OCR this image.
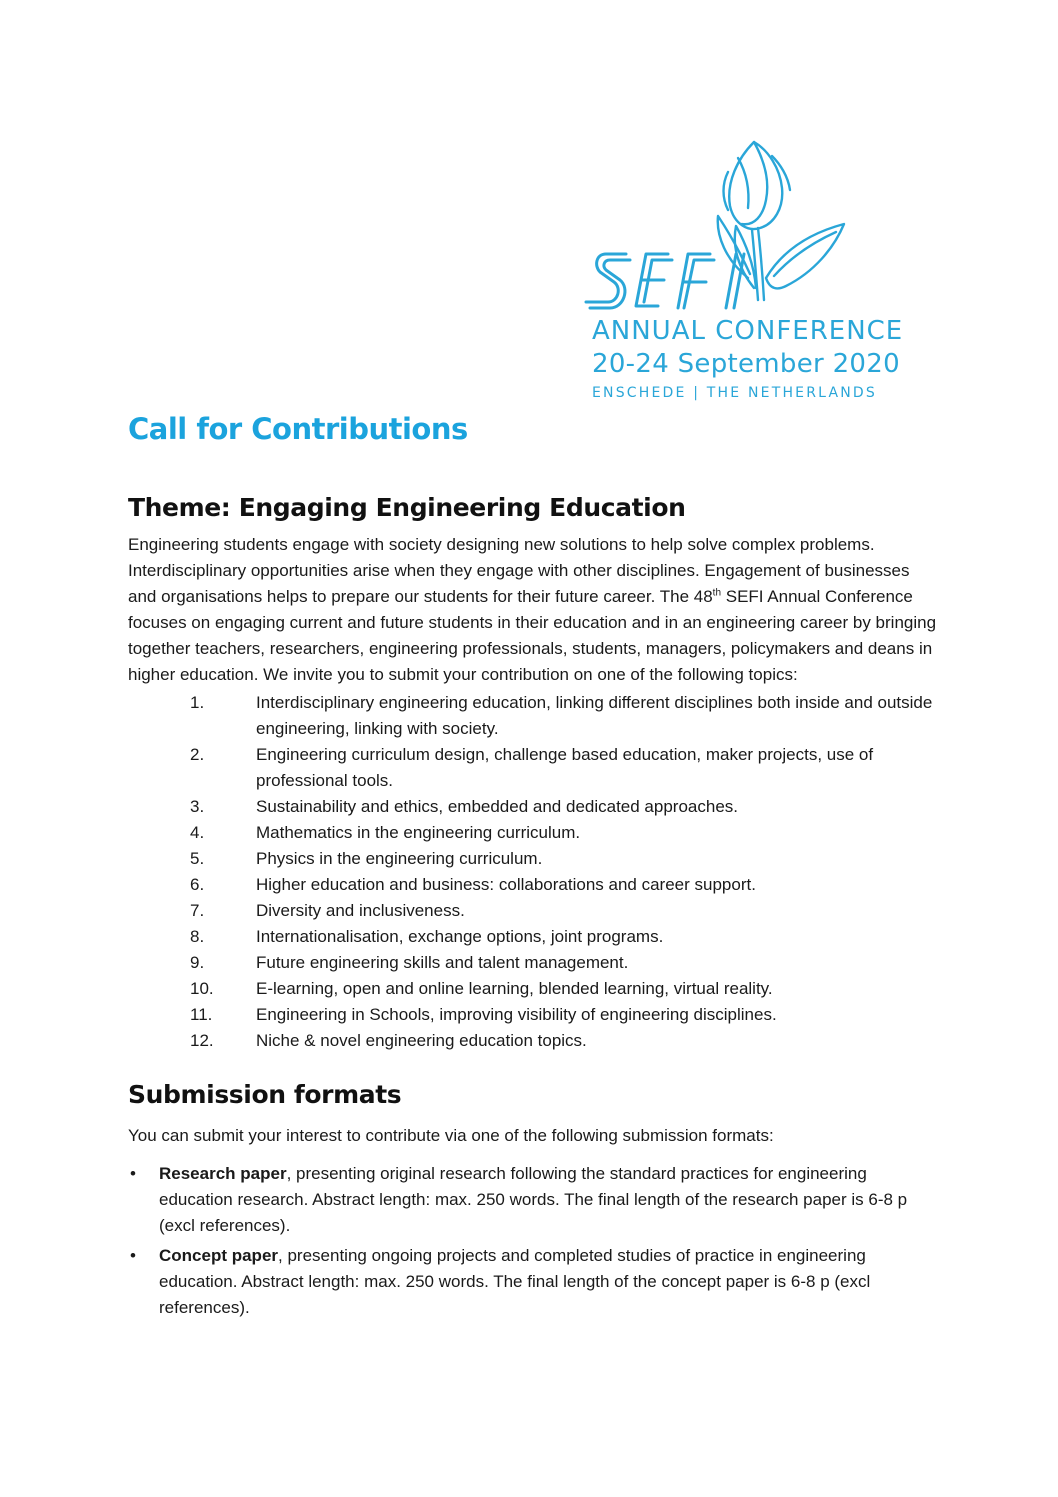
ANNUAL CONFERENCE
20-24 September 2020
ENSCHEDE | THE NETHERLANDS
Call for Contributions
Theme: Engaging Engineering Education

Engineering students engage with society designing new solutions to help solve complex problems. Interdisciplinary opportunities arise when they engage with other disciplines. Engagement of businesses and organisations helps to prepare our students for their future career. The 48th SEFI Annual Conference focuses on engaging current and future students in their education and in an engineering career by bringing together teachers, researchers, engineering professionals, students, managers, policymakers and deans in higher education. We invite you to submit your contribution on one of the following topics:

1.	Interdisciplinary engineering education, linking different disciplines both inside and outside engineering, linking with society.
2.	Engineering curriculum design, challenge based education, maker projects, use of professional tools.
3.	Sustainability and ethics, embedded and dedicated approaches.
4.	Mathematics in the engineering curriculum.
5.	Physics in the engineering curriculum.
6.	Higher education and business: collaborations and career support.
7.	Diversity and inclusiveness.
8.	Internationalisation, exchange options, joint programs.
9.	Future engineering skills and talent management.
10. E-learning, open and online learning, blended learning, virtual reality.
11.	Engineering in Schools, improving visibility of engineering disciplines.
12. Niche & novel engineering education topics.
Submission formats

You can submit your interest to contribute via one of the following submission formats:

• Research paper, presenting original research following the standard practices for engineering education research. Abstract length: max. 250 words. The final length of the research paper is 6-8 p (excl references).
• Concept paper, presenting ongoing projects and completed studies of practice in engineering education. Abstract length: max. 250 words. The final length of the concept paper is 6-8 p (excl references).
